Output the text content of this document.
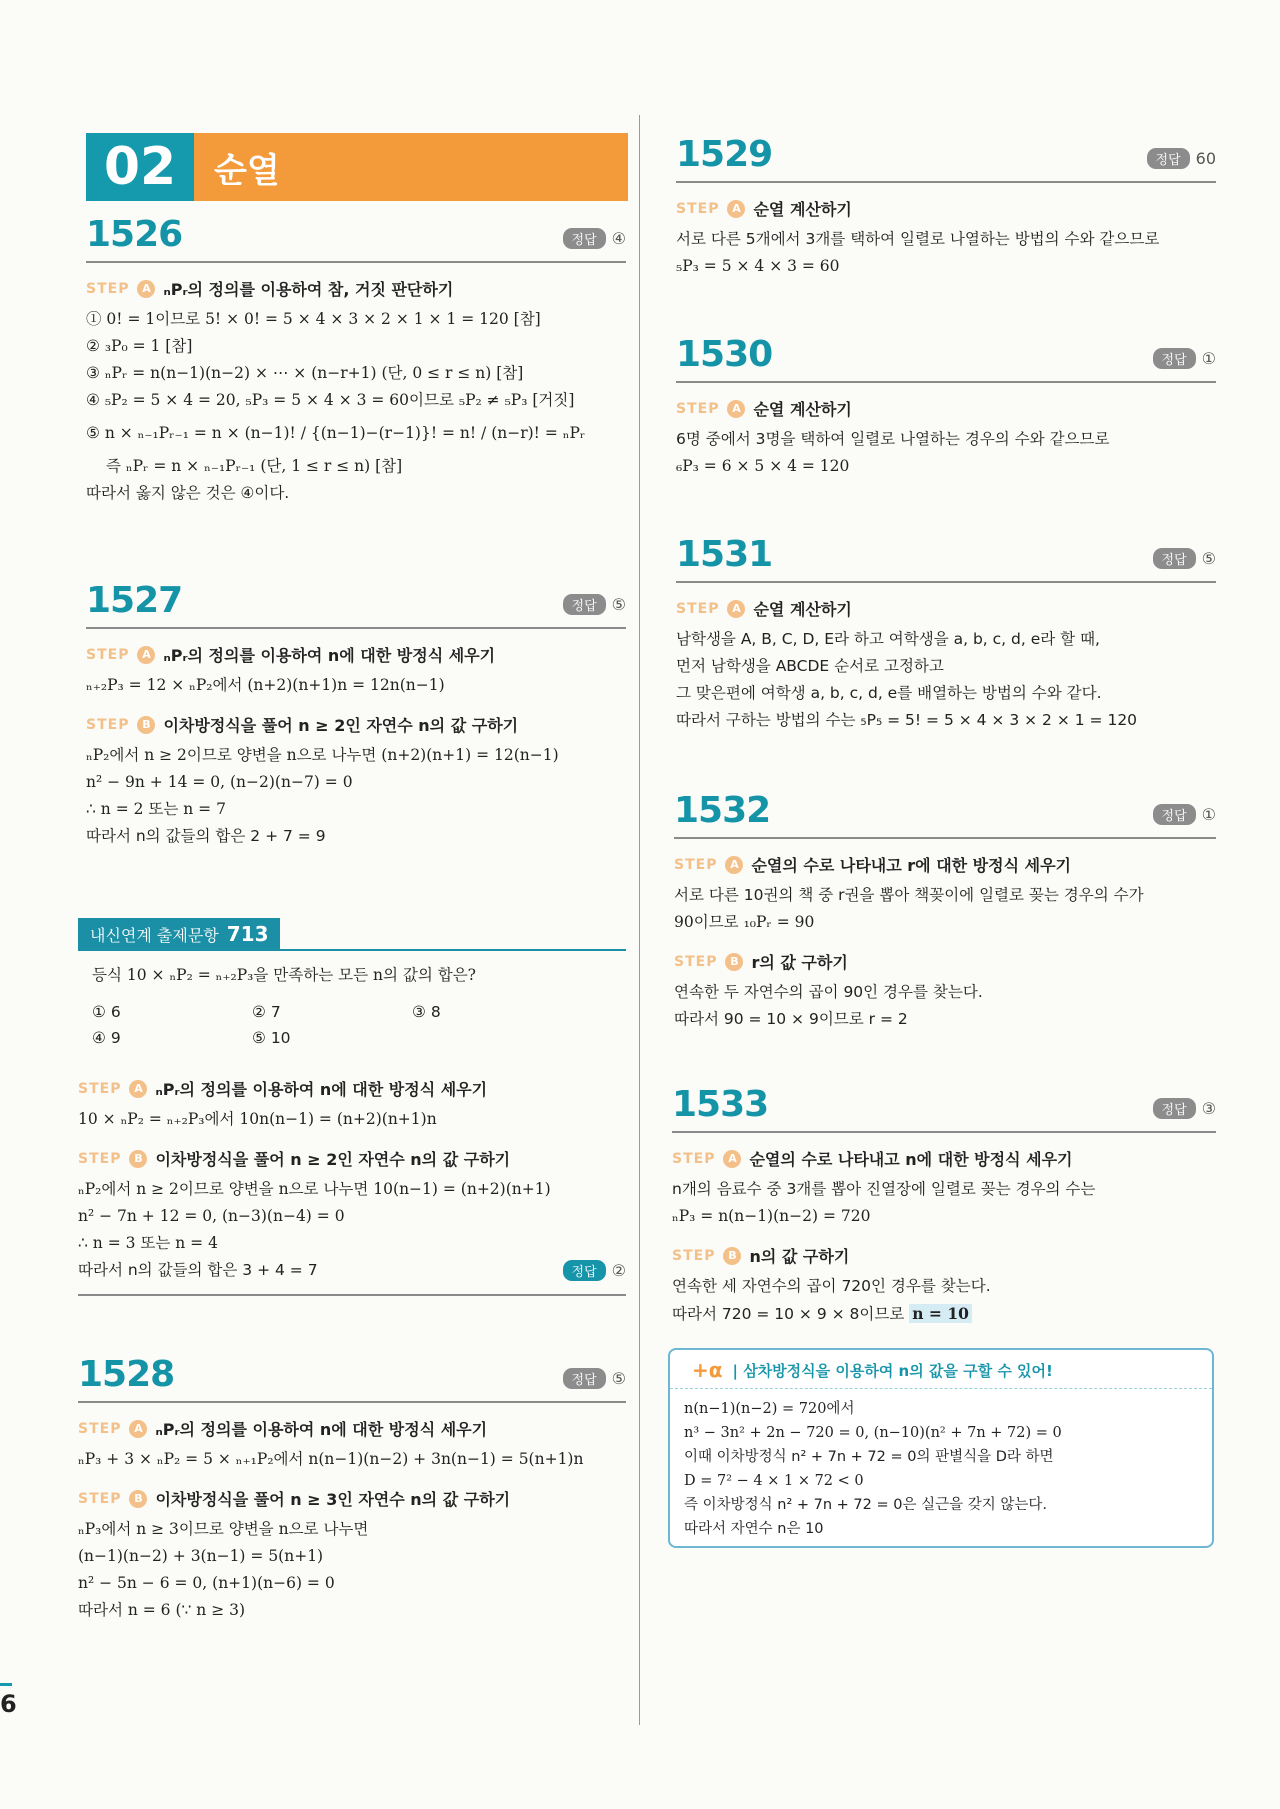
6
02	순열
1526	정답 ④
STEP	A ₙPᵣ의 정의를 이용하여 참, 거짓 판단하기
① 0! = 1이므로 5! × 0! = 5 × 4 × 3 × 2 × 1 × 1 = 120 [참]
② ₃P₀ = 1 [참]
③ ₙPᵣ = n(n−1)(n−2) × ⋯ × (n−r+1) (단, 0 ≤ r ≤ n) [참]
④ ₅P₂ = 5 × 4 = 20, ₅P₃ = 5 × 4 × 3 = 60이므로 ₅P₂ ≠ ₅P₃ [거짓]
⑤ n × ₙ₋₁Pᵣ₋₁ = n × (n−1)! / {(n−1)−(r−1)}! = n! / (n−r)! = ₙPᵣ
즉 ₙPᵣ = n × ₙ₋₁Pᵣ₋₁ (단, 1 ≤ r ≤ n) [참]
따라서 옳지 않은 것은 ④이다.
1527	정답 ⑤
STEP	A ₙPᵣ의 정의를 이용하여 n에 대한 방정식 세우기
ₙ₊₂P₃ = 12 × ₙP₂에서 (n+2)(n+1)n = 12n(n−1)
STEP	B 이차방정식을 풀어 n ≥ 2인 자연수 n의 값 구하기
ₙP₂에서 n ≥ 2이므로 양변을 n으로 나누면 (n+2)(n+1) = 12(n−1)
n² − 9n + 14 = 0, (n−2)(n−7) = 0
∴ n = 2 또는 n = 7
따라서 n의 값들의 합은 2 + 7 = 9
내신연계 출제문항 713
등식 10 × ₙP₂ = ₙ₊₂P₃을 만족하는 모든 n의 값의 합은?
① 6	② 7	③ 8
④ 9	⑤ 10
STEP	A ₙPᵣ의 정의를 이용하여 n에 대한 방정식 세우기
10 × ₙP₂ = ₙ₊₂P₃에서 10n(n−1) = (n+2)(n+1)n
STEP	B 이차방정식을 풀어 n ≥ 2인 자연수 n의 값 구하기
ₙP₂에서 n ≥ 2이므로 양변을 n으로 나누면 10(n−1) = (n+2)(n+1)
n² − 7n + 12 = 0, (n−3)(n−4) = 0
∴ n = 3 또는 n = 4
따라서 n의 값들의 합은 3 + 4 = 7	정답 ②
1528	정답 ⑤
STEP	A ₙPᵣ의 정의를 이용하여 n에 대한 방정식 세우기
ₙP₃ + 3 × ₙP₂ = 5 × ₙ₊₁P₂에서 n(n−1)(n−2) + 3n(n−1) = 5(n+1)n
STEP	B 이차방정식을 풀어 n ≥ 3인 자연수 n의 값 구하기
ₙP₃에서 n ≥ 3이므로 양변을 n으로 나누면
(n−1)(n−2) + 3(n−1) = 5(n+1)
n² − 5n − 6 = 0, (n+1)(n−6) = 0
따라서 n = 6 (∵ n ≥ 3)
1529	정답 60
STEP	A 순열 계산하기
서로 다른 5개에서 3개를 택하여 일렬로 나열하는 방법의 수와 같으므로
₅P₃ = 5 × 4 × 3 = 60
1530	정답 ①
STEP	A 순열 계산하기
6명 중에서 3명을 택하여 일렬로 나열하는 경우의 수와 같으므로
₆P₃ = 6 × 5 × 4 = 120
1531	정답 ⑤
STEP	A 순열 계산하기
남학생을 A, B, C, D, E라 하고 여학생을 a, b, c, d, e라 할 때,
먼저 남학생을 ABCDE 순서로 고정하고
그 맞은편에 여학생 a, b, c, d, e를 배열하는 방법의 수와 같다.
따라서 구하는 방법의 수는 ₅P₅ = 5! = 5 × 4 × 3 × 2 × 1 = 120
1532	정답 ①
STEP	A 순열의 수로 나타내고 r에 대한 방정식 세우기
서로 다른 10권의 책 중 r권을 뽑아 책꽂이에 일렬로 꽂는 경우의 수가
90이므로 ₁₀Pᵣ = 90
STEP	B r의 값 구하기
연속한 두 자연수의 곱이 90인 경우를 찾는다.
따라서 90 = 10 × 9이므로 r = 2
1533	정답 ③
STEP	A 순열의 수로 나타내고 n에 대한 방정식 세우기
n개의 음료수 중 3개를 뽑아 진열장에 일렬로 꽂는 경우의 수는
ₙP₃ = n(n−1)(n−2) = 720
STEP	B n의 값 구하기
연속한 세 자연수의 곱이 720인 경우를 찾는다.
따라서 720 = 10 × 9 × 8이므로 n = 10
+α | 삼차방정식을 이용하여 n의 값을 구할 수 있어!
n(n−1)(n−2) = 720에서
n³ − 3n² + 2n − 720 = 0, (n−10)(n² + 7n + 72) = 0
이때 이차방정식 n² + 7n + 72 = 0의 판별식을 D라 하면
D = 7² − 4 × 1 × 72 < 0
즉 이차방정식 n² + 7n + 72 = 0은 실근을 갖지 않는다.
따라서 자연수 n은 10
